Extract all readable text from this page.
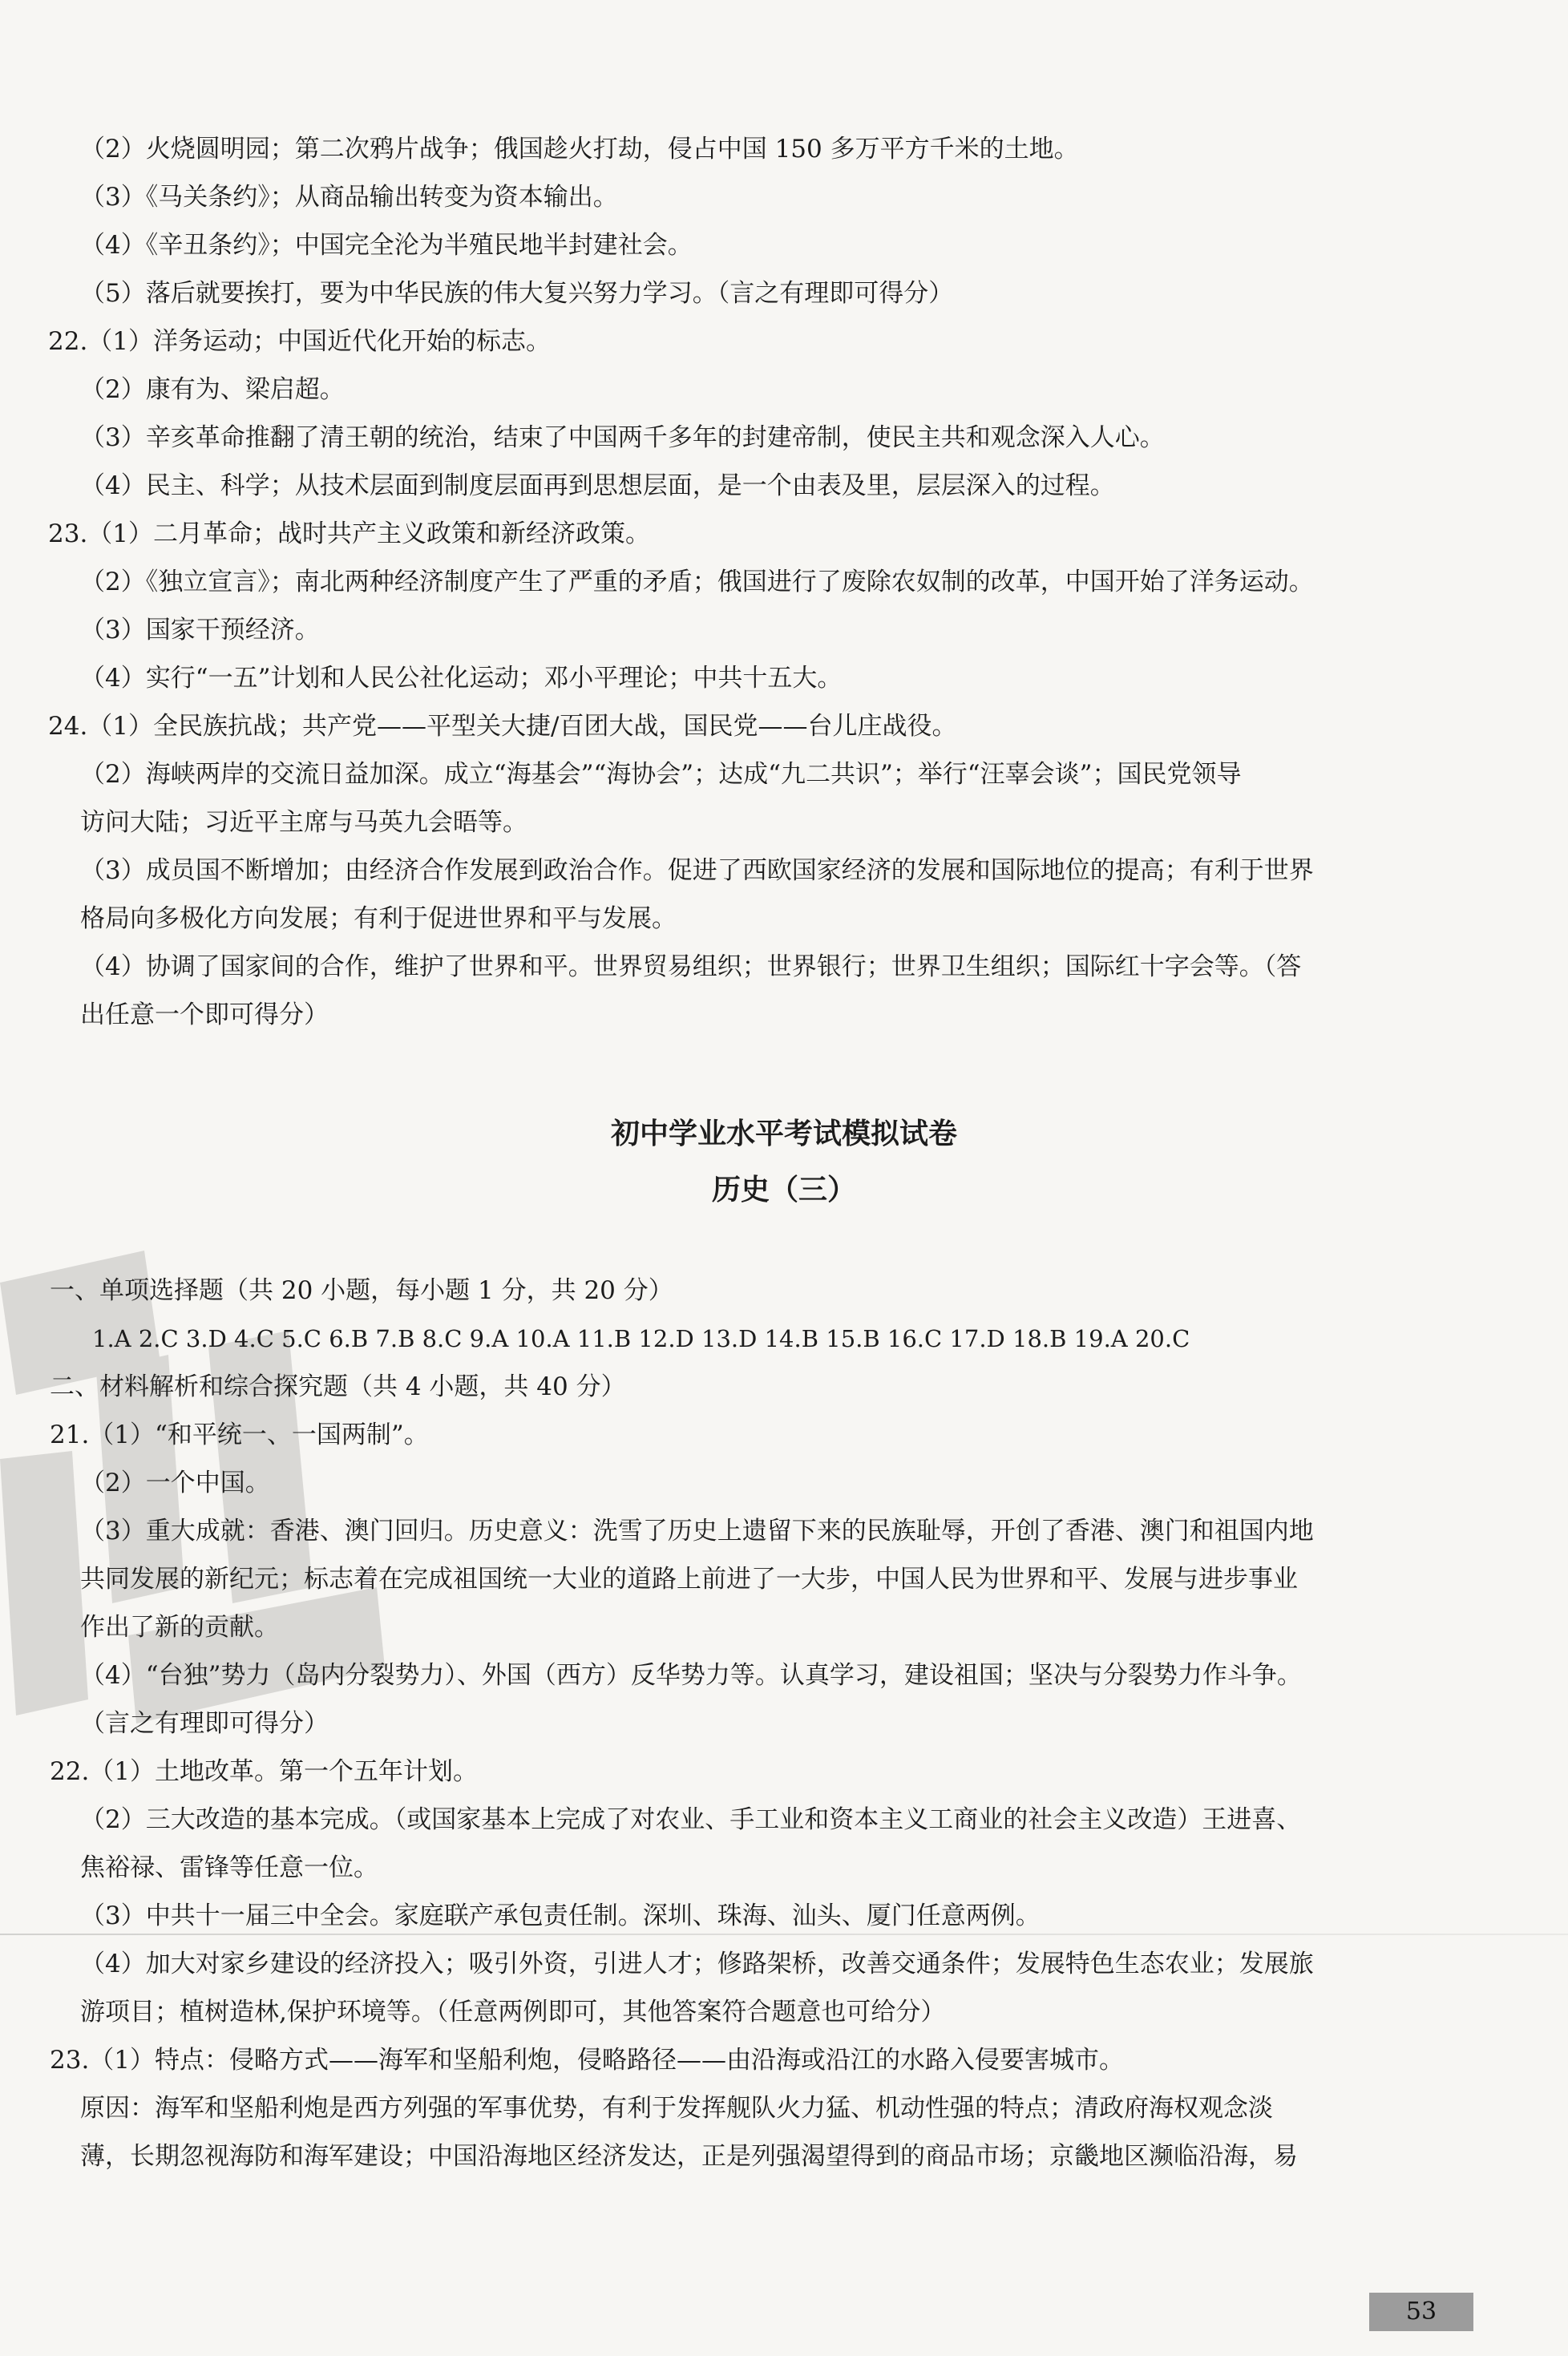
（2）火烧圆明园；第二次鸦片战争；俄国趁火打劫，侵占中国 150 多万平方千米的土地。
（3）《马关条约》；从商品输出转变为资本输出。
（4）《辛丑条约》；中国完全沦为半殖民地半封建社会。
（5）落后就要挨打，要为中华民族的伟大复兴努力学习。（言之有理即可得分）
22.（1）洋务运动；中国近代化开始的标志。
（2）康有为、梁启超。
（3）辛亥革命推翻了清王朝的统治，结束了中国两千多年的封建帝制，使民主共和观念深入人心。
（4）民主、科学；从技术层面到制度层面再到思想层面，是一个由表及里，层层深入的过程。
23.（1）二月革命；战时共产主义政策和新经济政策。
（2）《独立宣言》；南北两种经济制度产生了严重的矛盾；俄国进行了废除农奴制的改革，中国开始了洋务运动。
（3）国家干预经济。
（4）实行“一五”计划和人民公社化运动；邓小平理论；中共十五大。
24.（1）全民族抗战；共产党——平型关大捷/百团大战，国民党——台儿庄战役。
（2）海峡两岸的交流日益加深。成立“海基会”“海协会”；达成“九二共识”；举行“汪辜会谈”；国民党领导
访问大陆；习近平主席与马英九会晤等。
（3）成员国不断增加；由经济合作发展到政治合作。促进了西欧国家经济的发展和国际地位的提高；有利于世界
格局向多极化方向发展；有利于促进世界和平与发展。
（4）协调了国家间的合作，维护了世界和平。世界贸易组织；世界银行；世界卫生组织；国际红十字会等。（答
出任意一个即可得分）
初中学业水平考试模拟试卷
历史（三）
一、单项选择题（共 20 小题，每小题 1 分，共 20 分）
1.A 2.C 3.D 4.C 5.C 6.B 7.B 8.C 9.A 10.A 11.B 12.D 13.D 14.B 15.B 16.C 17.D 18.B 19.A 20.C
二、材料解析和综合探究题（共 4 小题，共 40 分）
21.（1）“和平统一、一国两制”。
（2）一个中国。
（3）重大成就：香港、澳门回归。历史意义：洗雪了历史上遗留下来的民族耻辱，开创了香港、澳门和祖国内地
共同发展的新纪元；标志着在完成祖国统一大业的道路上前进了一大步，中国人民为世界和平、发展与进步事业
作出了新的贡献。
（4）“台独”势力（岛内分裂势力）、外国（西方）反华势力等。认真学习，建设祖国；坚决与分裂势力作斗争。
（言之有理即可得分）
22.（1）土地改革。第一个五年计划。
（2）三大改造的基本完成。（或国家基本上完成了对农业、手工业和资本主义工商业的社会主义改造）王进喜、
焦裕禄、雷锋等任意一位。
（3）中共十一届三中全会。家庭联产承包责任制。深圳、珠海、汕头、厦门任意两例。
（4）加大对家乡建设的经济投入；吸引外资，引进人才；修路架桥，改善交通条件；发展特色生态农业；发展旅
游项目；植树造林,保护环境等。（任意两例即可，其他答案符合题意也可给分）
23.（1）特点：侵略方式——海军和坚船利炮，侵略路径——由沿海或沿江的水路入侵要害城市。
原因：海军和坚船利炮是西方列强的军事优势，有利于发挥舰队火力猛、机动性强的特点；清政府海权观念淡
薄，长期忽视海防和海军建设；中国沿海地区经济发达，正是列强渴望得到的商品市场；京畿地区濒临沿海，易
53
